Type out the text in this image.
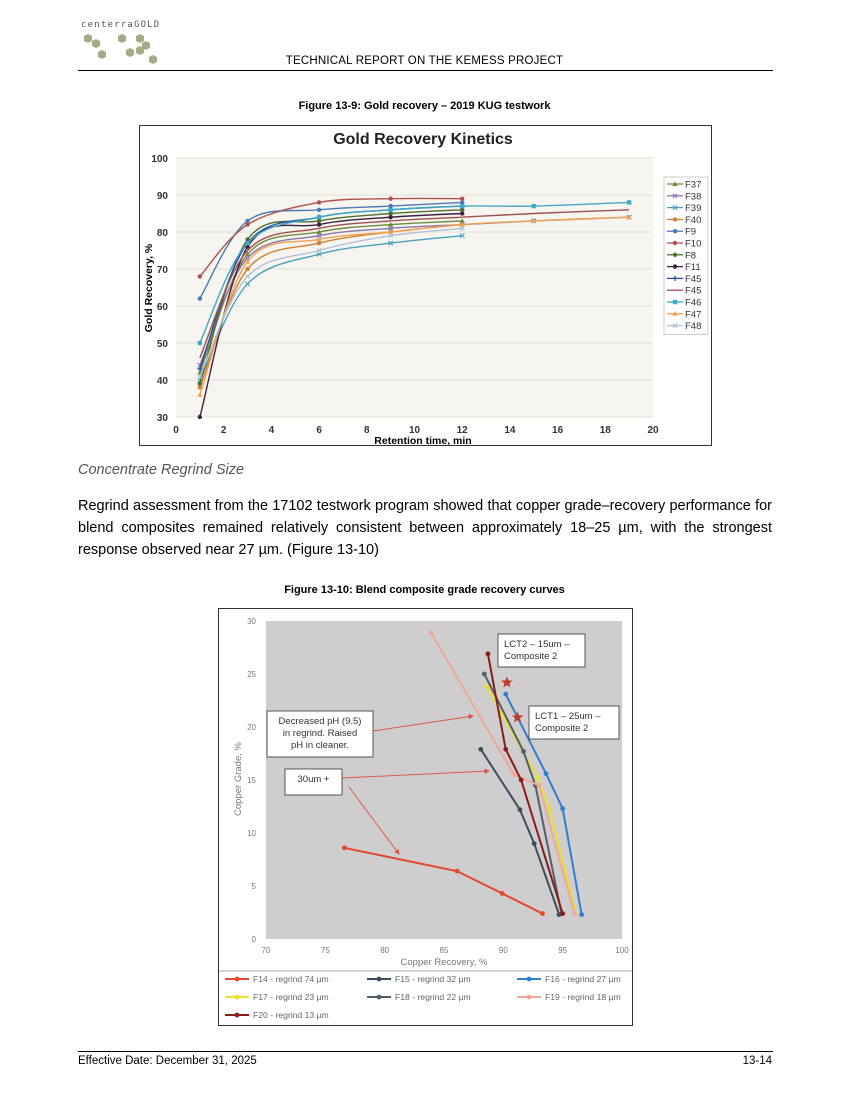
centerraGOLD
TECHNICAL REPORT ON THE KEMESS PROJECT
Figure 13-9: Gold recovery – 2019 KUG testwork
Gold Recovery Kinetics
30
40
50
60
70
80
90
100
0	2	4	6	8	10	12	14	16	18	20
Retention time, min
Gold Recovery, %
F37
F38
F39
F40
F9
F10
F8
F11
F45
F45
F46
F47
F48
Concentrate Regrind Size
Regrind assessment from the 17102 testwork program showed that copper grade–recovery performance for blend composites remained relatively consistent between approximately 18–25 µm, with the strongest response observed near 27 µm. (Figure 13-10)
Figure 13-10: Blend composite grade recovery curves
0
5
10
15
20
25
30
70	75	80	85	90	95	100
LCT2 – 15um – Composite 2
LCT1 – 25um – Composite 2
Decreased pH (9.5) in regrind. Raised pH in cleaner.
30um +
Copper Recovery, %
Copper Grade, %
F14 - regrind 74 µm	F15 - regrind 32 µm	F16 - regrind 27 µm
F17 - regrind 23 µm	F18 - regrind 22 µm	F19 - regrind 18 µm
F20 - regrind 13 µm
Effective Date: December 31, 2025	13-14
